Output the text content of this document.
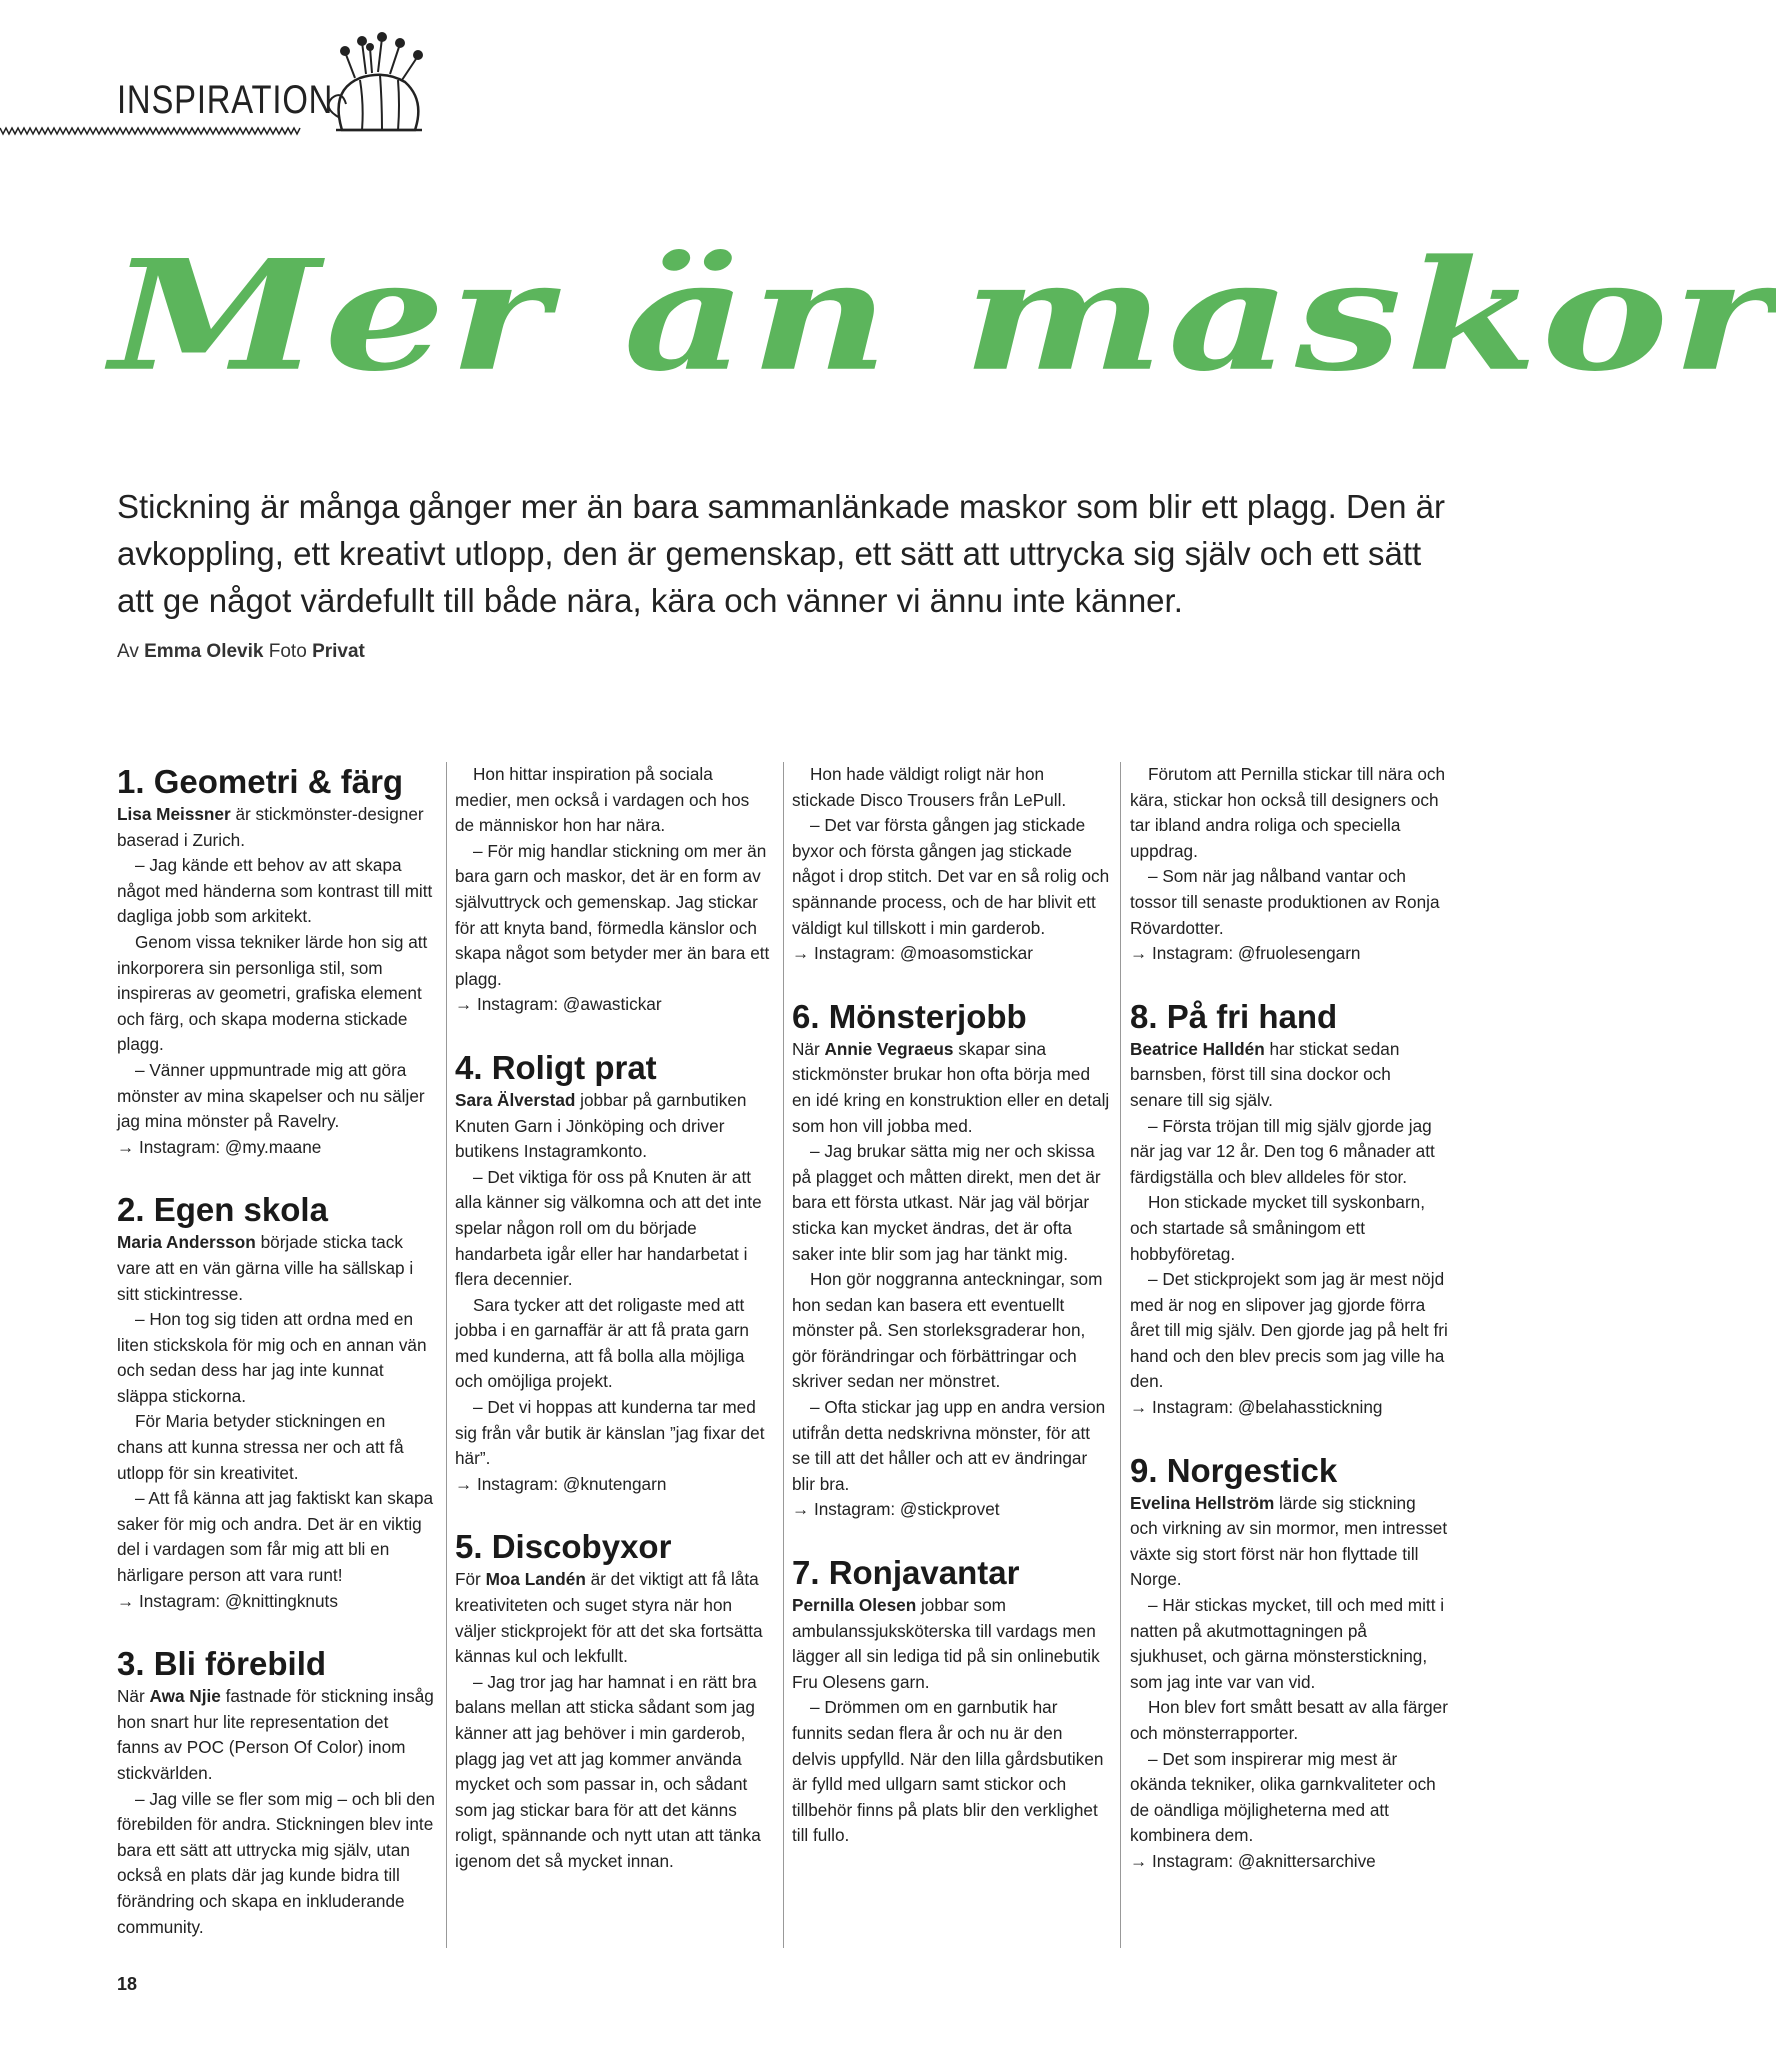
INSPIRATION
Mer än maskor
Stickning är många gånger mer än bara sammanlänkade maskor som blir ett plagg. Den är avkoppling, ett kreativt utlopp, den är gemenskap, ett sätt att uttrycka sig själv och ett sätt att ge något värdefullt till både nära, kära och vänner vi ännu inte känner.
Av Emma Olevik Foto Privat
1. Geometri & färg

Lisa Meissner är stickmönster-designer baserad i Zurich.

– Jag kände ett behov av att skapa något med händerna som kontrast till mitt dagliga jobb som arkitekt.

Genom vissa tekniker lärde hon sig att inkorporera sin personliga stil, som inspireras av geometri, grafiska element och färg, och skapa moderna stickade plagg.

– Vänner uppmuntrade mig att göra mönster av mina skapelser och nu säljer jag mina mönster på Ravelry.

→ Instagram: @my.maane

2. Egen skola

Maria Andersson började sticka tack vare att en vän gärna ville ha sällskap i sitt stickintresse.

– Hon tog sig tiden att ordna med en liten stickskola för mig och en annan vän och sedan dess har jag inte kunnat släppa stickorna.

För Maria betyder stickningen en chans att kunna stressa ner och att få utlopp för sin kreativitet.

– Att få känna att jag faktiskt kan skapa saker för mig och andra. Det är en viktig del i vardagen som får mig att bli en härligare person att vara runt!

→ Instagram: @knittingknuts

3. Bli förebild

När Awa Njie fastnade för stickning insåg hon snart hur lite representation det fanns av POC (Person Of Color) inom stickvärlden.

– Jag ville se fler som mig – och bli den förebilden för andra. Stickningen blev inte bara ett sätt att uttrycka mig själv, utan också en plats där jag kunde bidra till förändring och skapa en inkluderande community.

Hon hittar inspiration på sociala medier, men också i vardagen och hos de människor hon har nära.

– För mig handlar stickning om mer än bara garn och maskor, det är en form av självuttryck och gemenskap. Jag stickar för att knyta band, förmedla känslor och skapa något som betyder mer än bara ett plagg.

→ Instagram: @awastickar

4. Roligt prat

Sara Älverstad jobbar på garnbutiken Knuten Garn i Jönköping och driver butikens Instagramkonto.

– Det viktiga för oss på Knuten är att alla känner sig välkomna och att det inte spelar någon roll om du började handarbeta igår eller har handarbetat i flera decennier.

Sara tycker att det roligaste med att jobba i en garnaffär är att få prata garn med kunderna, att få bolla alla möjliga och omöjliga projekt.

– Det vi hoppas att kunderna tar med sig från vår butik är känslan ”jag fixar det här”.

→ Instagram: @knutengarn

5. Discobyxor

För Moa Landén är det viktigt att få låta kreativiteten och suget styra när hon väljer stickprojekt för att det ska fortsätta kännas kul och lekfullt.

– Jag tror jag har hamnat i en rätt bra balans mellan att sticka sådant som jag känner att jag behöver i min garderob, plagg jag vet att jag kommer använda mycket och som passar in, och sådant som jag stickar bara för att det känns roligt, spännande och nytt utan att tänka igenom det så mycket innan.

Hon hade väldigt roligt när hon stickade Disco Trousers från LePull.

– Det var första gången jag stickade byxor och första gången jag stickade något i drop stitch. Det var en så rolig och spännande process, och de har blivit ett väldigt kul tillskott i min garderob.

→ Instagram: @moasomstickar

6. Mönsterjobb

När Annie Vegraeus skapar sina stickmönster brukar hon ofta börja med en idé kring en konstruktion eller en detalj som hon vill jobba med.

– Jag brukar sätta mig ner och skissa på plagget och måtten direkt, men det är bara ett första utkast. När jag väl börjar sticka kan mycket ändras, det är ofta saker inte blir som jag har tänkt mig.

Hon gör noggranna anteckningar, som hon sedan kan basera ett eventuellt mönster på. Sen storleksgraderar hon, gör förändringar och förbättringar och skriver sedan ner mönstret.

– Ofta stickar jag upp en andra version utifrån detta nedskrivna mönster, för att se till att det håller och att ev ändringar blir bra.

→ Instagram: @stickprovet

7. Ronjavantar

Pernilla Olesen jobbar som ambulanssjuksköterska till vardags men lägger all sin lediga tid på sin onlinebutik Fru Olesens garn.

– Drömmen om en garnbutik har funnits sedan flera år och nu är den delvis uppfylld. När den lilla gårdsbutiken är fylld med ullgarn samt stickor och tillbehör finns på plats blir den verklighet till fullo.

Förutom att Pernilla stickar till nära och kära, stickar hon också till designers och tar ibland andra roliga och speciella uppdrag.

– Som när jag nålband vantar och tossor till senaste produktionen av Ronja Rövardotter.

→ Instagram: @fruolesengarn

8. På fri hand

Beatrice Halldén har stickat sedan barnsben, först till sina dockor och senare till sig själv.

– Första tröjan till mig själv gjorde jag när jag var 12 år. Den tog 6 månader att färdigställa och blev alldeles för stor.

Hon stickade mycket till syskonbarn, och startade så småningom ett hobbyföretag.

– Det stickprojekt som jag är mest nöjd med är nog en slipover jag gjorde förra året till mig själv. Den gjorde jag på helt fri hand och den blev precis som jag ville ha den.

→ Instagram: @belahasstickning

9. Norgestick

Evelina Hellström lärde sig stickning och virkning av sin mormor, men intresset växte sig stort först när hon flyttade till Norge.

– Här stickas mycket, till och med mitt i natten på akutmottagningen på sjukhuset, och gärna mönsterstickning, som jag inte var van vid.

Hon blev fort smått besatt av alla färger och mönsterrapporter.

– Det som inspirerar mig mest är okända tekniker, olika garnkvaliteter och de oändliga möjligheterna med att kombinera dem.

→ Instagram: @aknittersarchive

18
